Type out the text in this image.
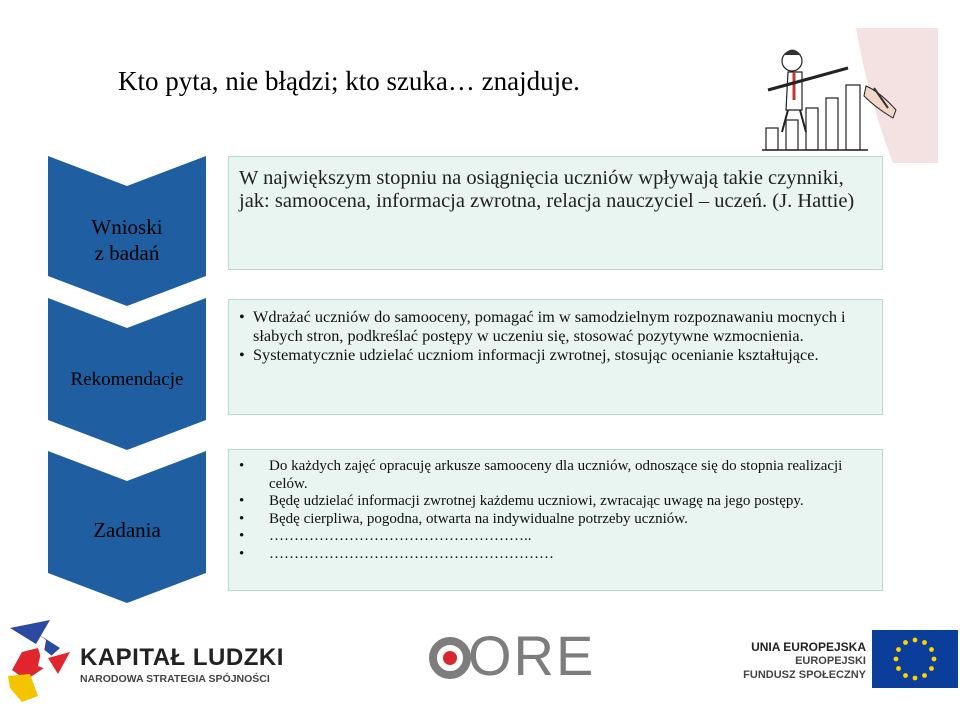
Kto pyta, nie błądzi; kto szuka… znajduje.
Wnioski
z badań
W największym stopniu na osiągnięcia uczniów wpływają takie czynniki, jak: samoocena, informacja zwrotna, relacja nauczyciel – uczeń. (J. Hattie)
Rekomendacje
• Wdrażać uczniów do samooceny, pomagać im w samodzielnym rozpoznawaniu mocnych i słabych stron, podkreślać postępy w uczeniu się, stosować pozytywne wzmocnienia.
• Systematycznie udzielać uczniom informacji zwrotnej, stosując ocenianie kształtujące.
Zadania
• Do każdych zajęć opracuję arkusze samooceny dla uczniów, odnoszące się do stopnia realizacji celów.
• Będę udzielać informacji zwrotnej każdemu uczniowi, zwracając uwagę na jego postępy.
• Będę cierpliwa, pogodna, otwarta na indywidualne potrzeby uczniów.
• ……………………………………………..
• …………………………………………………
KAPITAŁ LUDZKI
NARODOWA STRATEGIA SPÓJNOŚCI	ORE	UNIA EUROPEJSKA
EUROPEJSKI
FUNDUSZ SPOŁECZNY
